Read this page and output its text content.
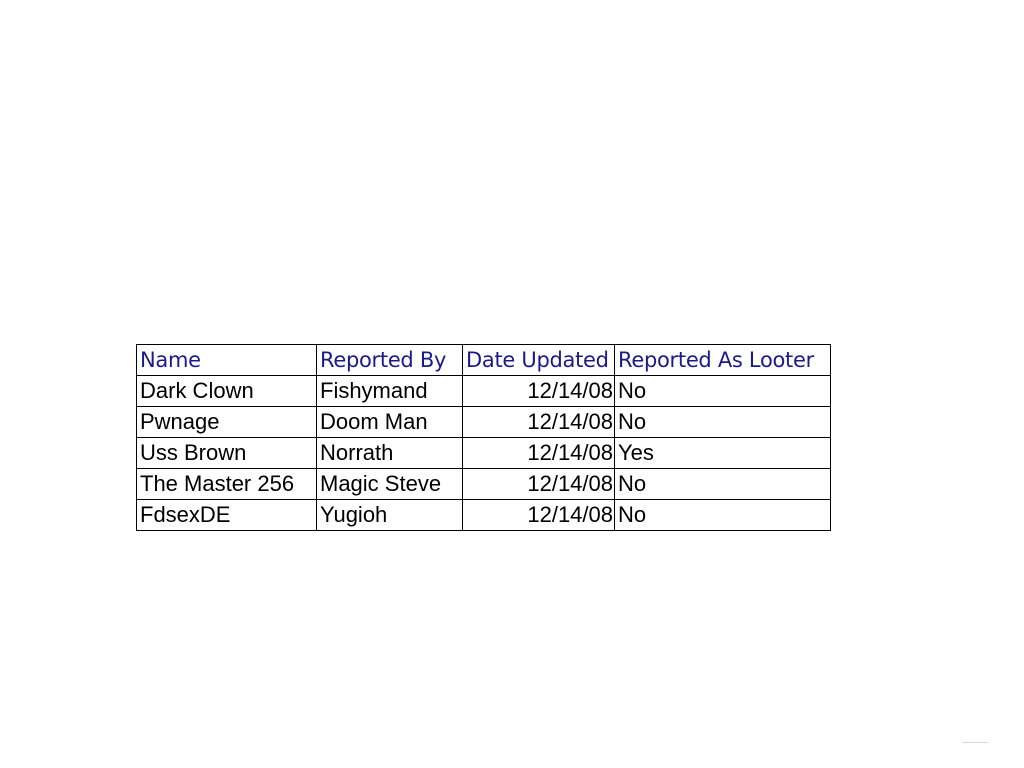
Name	Reported By	Date Updated	Reported As Looter
Dark Clown	Fishymand	12/14/08	No
Pwnage	Doom Man	12/14/08	No
Uss Brown	Norrath	12/14/08	Yes
The Master 256	Magic Steve	12/14/08	No
FdsexDE	Yugioh	12/14/08	No
